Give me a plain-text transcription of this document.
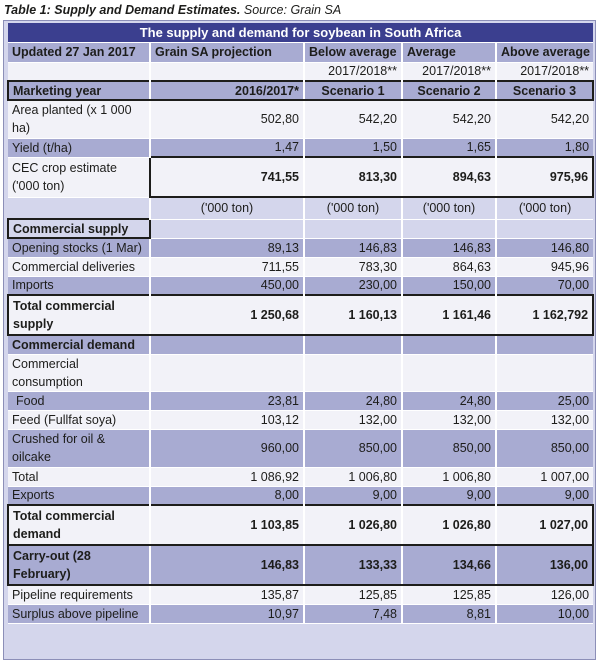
Table 1: Supply and Demand Estimates. Source: Grain SA
The supply and demand for soybean in South Africa				
Updated 27 Jan 2017	Grain SA projection	Below average	Average	Above average
		2017/2018**	2017/2018**	2017/2018**
Marketing year	2016/2017*	Scenario 1	Scenario 2	Scenario 3
Area planted (x 1 000 ha)	502,80	542,20	542,20	542,20
Yield (t/ha)	1,47	1,50	1,65	1,80
CEC crop estimate ('000 ton)	741,55	813,30	894,63	975,96
	('000 ton)	('000 ton)	('000 ton)	('000 ton)
Commercial supply				
Opening stocks (1 Mar)	89,13	146,83	146,83	146,80
Commercial deliveries	711,55	783,30	864,63	945,96
Imports	450,00	230,00	150,00	70,00
Total commercial supply	1 250,68	1 160,13	1 161,46	1 162,792
Commercial demand				
Commercial consumption				
Food	23,81	24,80	24,80	25,00
Feed (Fullfat soya)	103,12	132,00	132,00	132,00
Crushed for oil & oilcake	960,00	850,00	850,00	850,00
Total	1 086,92	1 006,80	1 006,80	1 007,00
Exports	8,00	9,00	9,00	9,00
Total commercial demand	1 103,85	1 026,80	1 026,80	1 027,00
Carry-out (28 February)	146,83	133,33	134,66	136,00
Pipeline requirements	135,87	125,85	125,85	126,00
Surplus above pipeline	10,97	7,48	8,81	10,00
